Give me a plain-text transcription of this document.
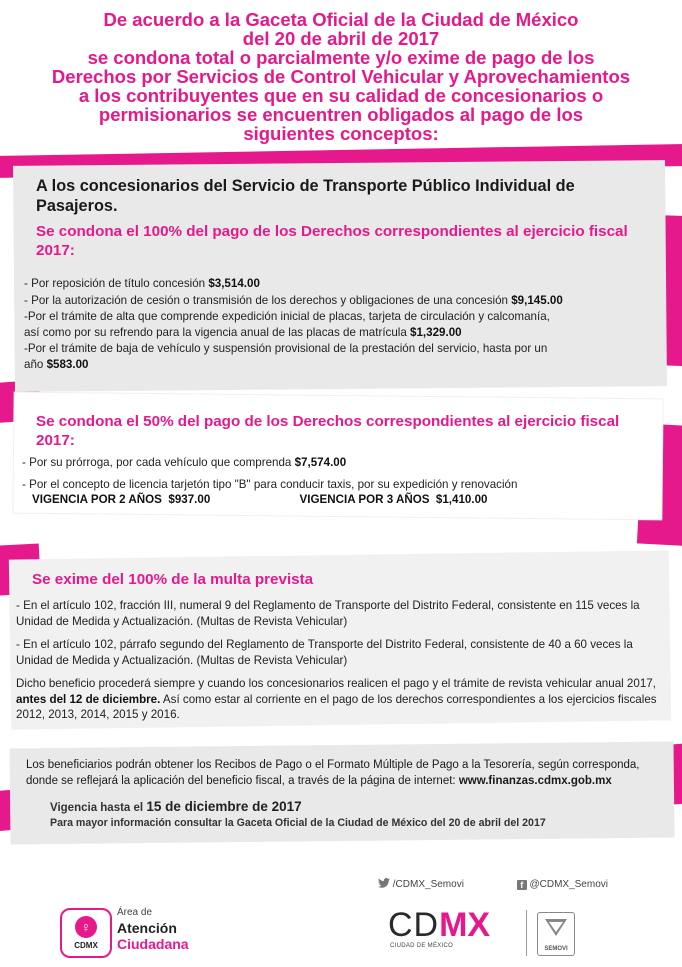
De acuerdo a la Gaceta Oficial de la Ciudad de México
del 20 de abril de 2017
se condona total o parcialmente y/o exime de pago de los
Derechos por Servicios de Control Vehicular y Aprovechamientos
a los contribuyentes que en su calidad de concesionarios o
permisionarios se encuentren obligados al pago de los
siguientes conceptos:
A los concesionarios del Servicio de Transporte Público Individual de Pasajeros.
Se condona el 100% del pago de los Derechos correspondientes al ejercicio fiscal 2017:
- Por reposición de título concesión $3,514.00
- Por la autorización de cesión o transmisión de los derechos y obligaciones de una concesión $9,145.00
-Por el trámite de alta que comprende expedición inicial de placas, tarjeta de circulación y calcomanía,
así como por su refrendo para la vigencia anual de las placas de matrícula $1,329.00
-Por el trámite de baja de vehículo y suspensión provisional de la prestación del servicio, hasta por un
año $583.00
Se condona el 50% del pago de los Derechos correspondientes al ejercicio fiscal 2017:
- Por su prórroga, por cada vehículo que comprenda $7,574.00
- Por el concepto de licencia tarjetón tipo "B" para conducir taxis, por su expedición y renovación
VIGENCIA POR 2 AÑOS $937.00	VIGENCIA POR 3 AÑOS $1,410.00
Se exime del 100% de la multa prevista
- En el artículo 102, fracción III, numeral 9 del Reglamento de Transporte del Distrito Federal, consistente en 115 veces la Unidad de Medida y Actualización. (Multas de Revista Vehicular)
- En el artículo 102, párrafo segundo del Reglamento de Transporte del Distrito Federal, consistente de 40 a 60 veces la Unidad de Medida y Actualización. (Multas de Revista Vehicular)
Dicho beneficio procederá siempre y cuando los concesionarios realicen el pago y el trámite de revista vehicular anual 2017, antes del 12 de diciembre. Así como estar al corriente en el pago de los derechos correspondientes a los ejercicios fiscales 2012, 2013, 2014, 2015 y 2016.
Los beneficiarios podrán obtener los Recibos de Pago o el Formato Múltiple de Pago a la Tesorería, según corresponda, donde se reflejará la aplicación del beneficio fiscal, a través de la página de internet: www.finanzas.cdmx.gob.mx
Vigencia hasta el 15 de diciembre de 2017
Para mayor información consultar la Gaceta Oficial de la Ciudad de México del 20 de abril del 2017
/CDMX_Semovi	f @CDMX_Semovi
♀
CDMX
Área de
Atención
Ciudadana	CDMX
CIUDAD DE MÉXICO	SEMOVI
